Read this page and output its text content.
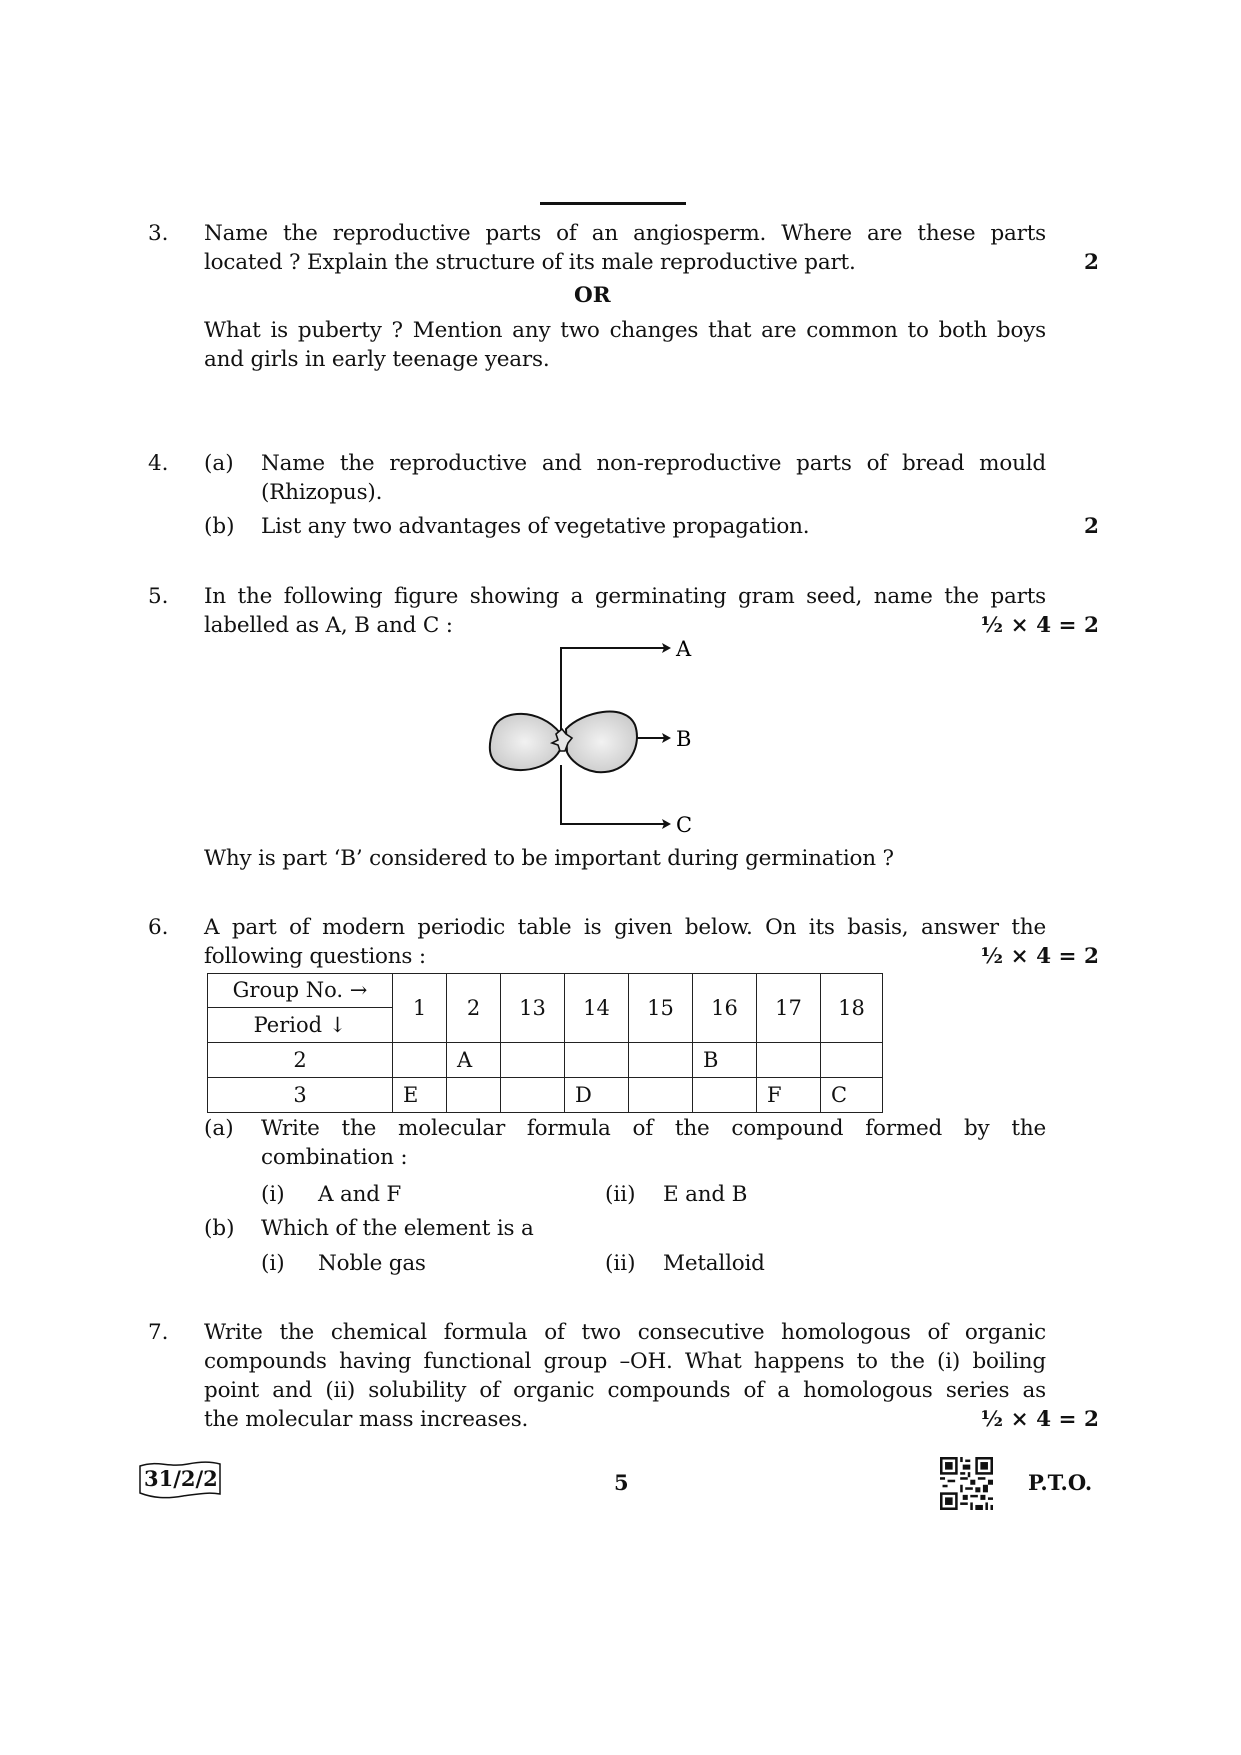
3. Name the reproductive parts of an angiosperm. Where are these parts
located ? Explain the structure of its male reproductive part.	2
OR
What is puberty ? Mention any two changes that are common to both boys
and girls in early teenage years.
4. (a) Name the reproductive and non-reproductive parts of bread mould
(Rhizopus).
(b) List any two advantages of vegetative propagation.	2
5. In the following figure showing a germinating gram seed, name the parts
labelled as A, B and C :	½ × 4 = 2
A
B
C
Why is part ‘B’ considered to be important during germination ?
6. A part of modern periodic table is given below. On its basis, answer the
following questions :	½ × 4 = 2
Group No. →
Period ↓	1	2	13	14	15	16	17	18
2		A				B		
3	E			D			F	C
(a) Write the molecular formula of the compound formed by the
combination :
(i) A and F	(ii) E and B
(b) Which of the element is a
(i) Noble gas	(ii) Metalloid
7. Write the chemical formula of two consecutive homologous of organic
compounds having functional group –OH. What happens to the (i) boiling
point and (ii) solubility of organic compounds of a homologous series as
the molecular mass increases.	½ × 4 = 2
31/2/2	5	P.T.O.
